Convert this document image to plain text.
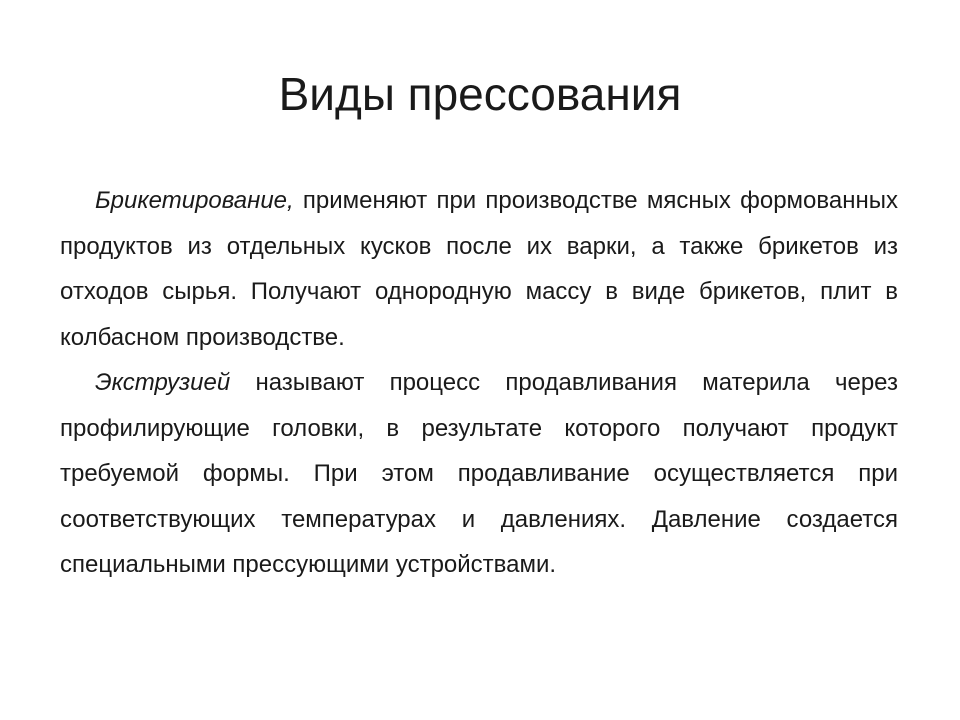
Виды прессования

Брикетирование, применяют при производстве мясных формованных продуктов из отдельных кусков после их варки, а также брикетов из отходов сырья. Получают однородную массу в виде брикетов, плит в колбасном производстве.

Экструзией называют процесс продавливания материла через профилирующие головки, в результате которого получают продукт требуемой формы. При этом продавливание осуществляется при соответствующих температурах и давлениях. Давление создается специальными прессующими устройствами.
